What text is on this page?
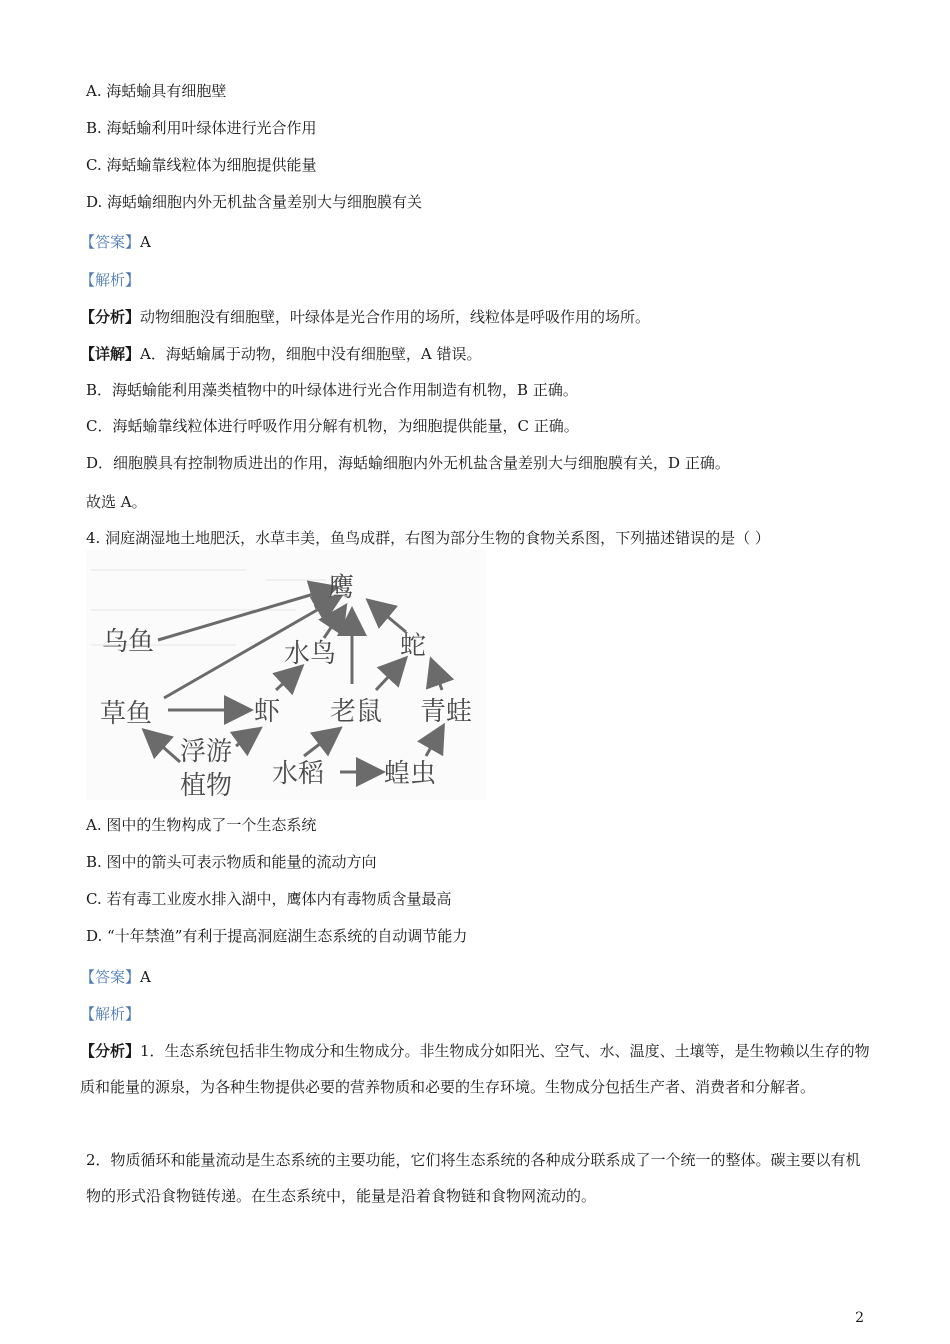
A. 海蛞蝓具有细胞壁
B. 海蛞蝓利用叶绿体进行光合作用
C. 海蛞蝓靠线粒体为细胞提供能量
D. 海蛞蝓细胞内外无机盐含量差别大与细胞膜有关
【答案】A
【解析】
【分析】动物细胞没有细胞壁，叶绿体是光合作用的场所，线粒体是呼吸作用的场所。
【详解】A．海蛞蝓属于动物，细胞中没有细胞壁，A 错误。
B．海蛞蝓能利用藻类植物中的叶绿体进行光合作用制造有机物，B 正确。
C．海蛞蝓靠线粒体进行呼吸作用分解有机物，为细胞提供能量，C 正确。
D．细胞膜具有控制物质进出的作用，海蛞蝓细胞内外无机盐含量差别大与细胞膜有关，D 正确。
故选 A。
4. 洞庭湖湿地土地肥沃，水草丰美，鱼鸟成群，右图为部分生物的食物关系图，下列描述错误的是（ ）
鹰
乌鱼	水鸟 蛇
草鱼	虾 老鼠 青蛙
浮游
植物 水稻 蝗虫
A. 图中的生物构成了一个生态系统
B. 图中的箭头可表示物质和能量的流动方向
C. 若有毒工业废水排入湖中，鹰体内有毒物质含量最高
D. “十年禁渔”有利于提高洞庭湖生态系统的自动调节能力
【答案】A
【解析】
【分析】1．生态系统包括非生物成分和生物成分。非生物成分如阳光、空气、水、温度、土壤等，是生物赖以生存的物质和能量的源泉，为各种生物提供必要的营养物质和必要的生存环境。生物成分包括生产者、消费者和分解者。
2．物质循环和能量流动是生态系统的主要功能，它们将生态系统的各种成分联系成了一个统一的整体。碳主要以有机物的形式沿食物链传递。在生态系统中，能量是沿着食物链和食物网流动的。
2
